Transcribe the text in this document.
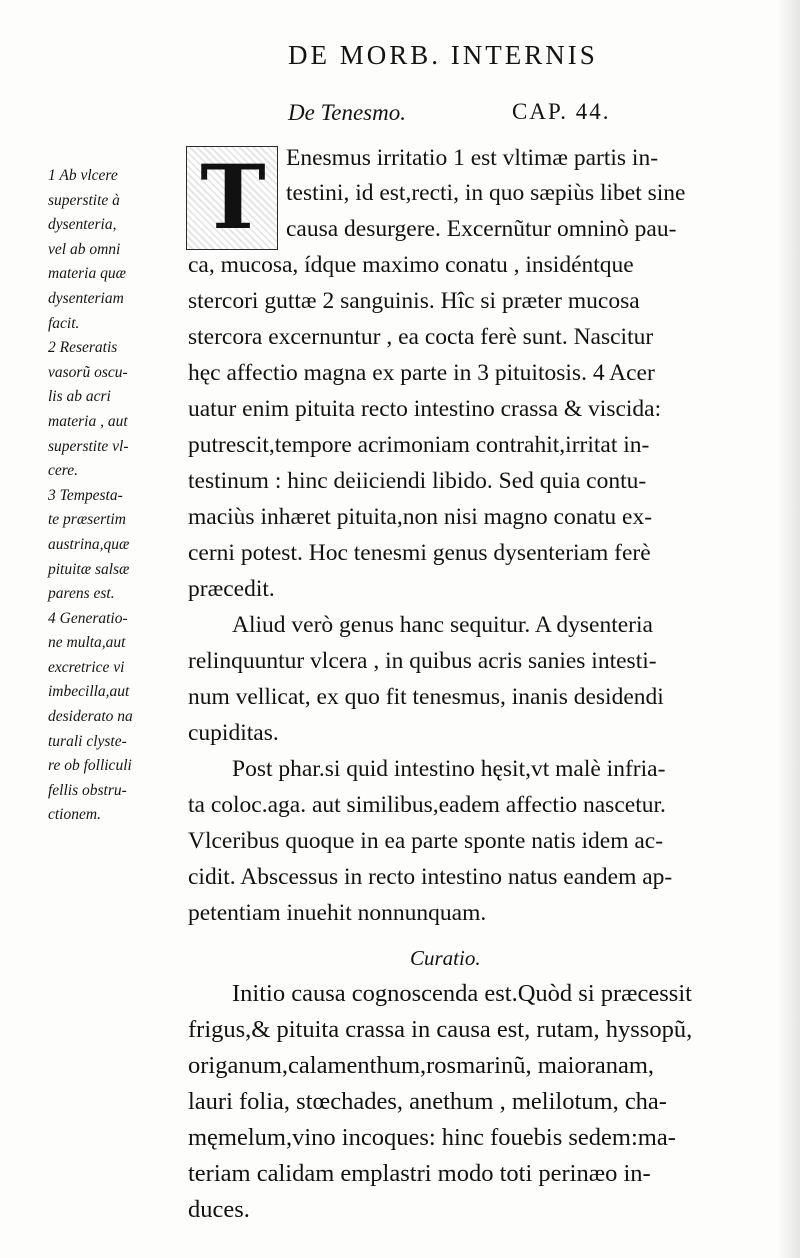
DE MORB. INTERNIS
De Tenesmo.	CAP. 44.
T
1 Ab vlcere
superstite à
dysenteria,
vel ab omni
materia quæ
dysenteriam
facit.
2 Reseratis
vasorũ oscu-
lis ab acri
materia , aut
superstite vl-
cere.
3 Tempesta-
te præsertim
austrina,quæ
pituitæ salsæ
parens est.
4 Generatio-
ne multa,aut
excretrice vi
imbecilla,aut
desiderato na
turali clyste-
re ob folliculi
fellis obstru-
ctionem.
Enesmus irritatio 1 est vltimæ partis in-
testini, id est,recti, in quo sæpiùs libet sine
causa desurgere. Excernũtur omninò pau-
ca, mucosa, ídque maximo conatu , insidéntque
stercori guttæ 2 sanguinis. Hîc si præter mucosa
stercora excernuntur , ea cocta ferè sunt. Nascitur
hęc affectio magna ex parte in 3 pituitosis. 4 Acer
uatur enim pituita recto intestino crassa & viscida:
putrescit,tempore acrimoniam contrahit,irritat in-
testinum : hinc deiiciendi libido. Sed quia contu-
maciùs inhæret pituita,non nisi magno conatu ex-
cerni potest. Hoc tenesmi genus dysenteriam ferè
præcedit.
Aliud verò genus hanc sequitur. A dysenteria
relinquuntur vlcera , in quibus acris sanies intesti-
num vellicat, ex quo fit tenesmus, inanis desidendi
cupiditas.
Post phar.si quid intestino hęsit,vt malè infria-
ta coloc.aga. aut similibus,eadem affectio nascetur.
Vlceribus quoque in ea parte sponte natis idem ac-
cidit. Abscessus in recto intestino natus eandem ap-
petentiam inuehit nonnunquam.
Curatio.
Initio causa cognoscenda est.Quòd si præcessit
frigus,& pituita crassa in causa est, rutam, hyssopũ,
origanum,calamenthum,rosmarinũ, maioranam,
lauri folia, stœchades, anethum , melilotum, cha-
męmelum,vino incoques: hinc fouebis sedem:ma-
teriam calidam emplastri modo toti perinæo in-
duces.
